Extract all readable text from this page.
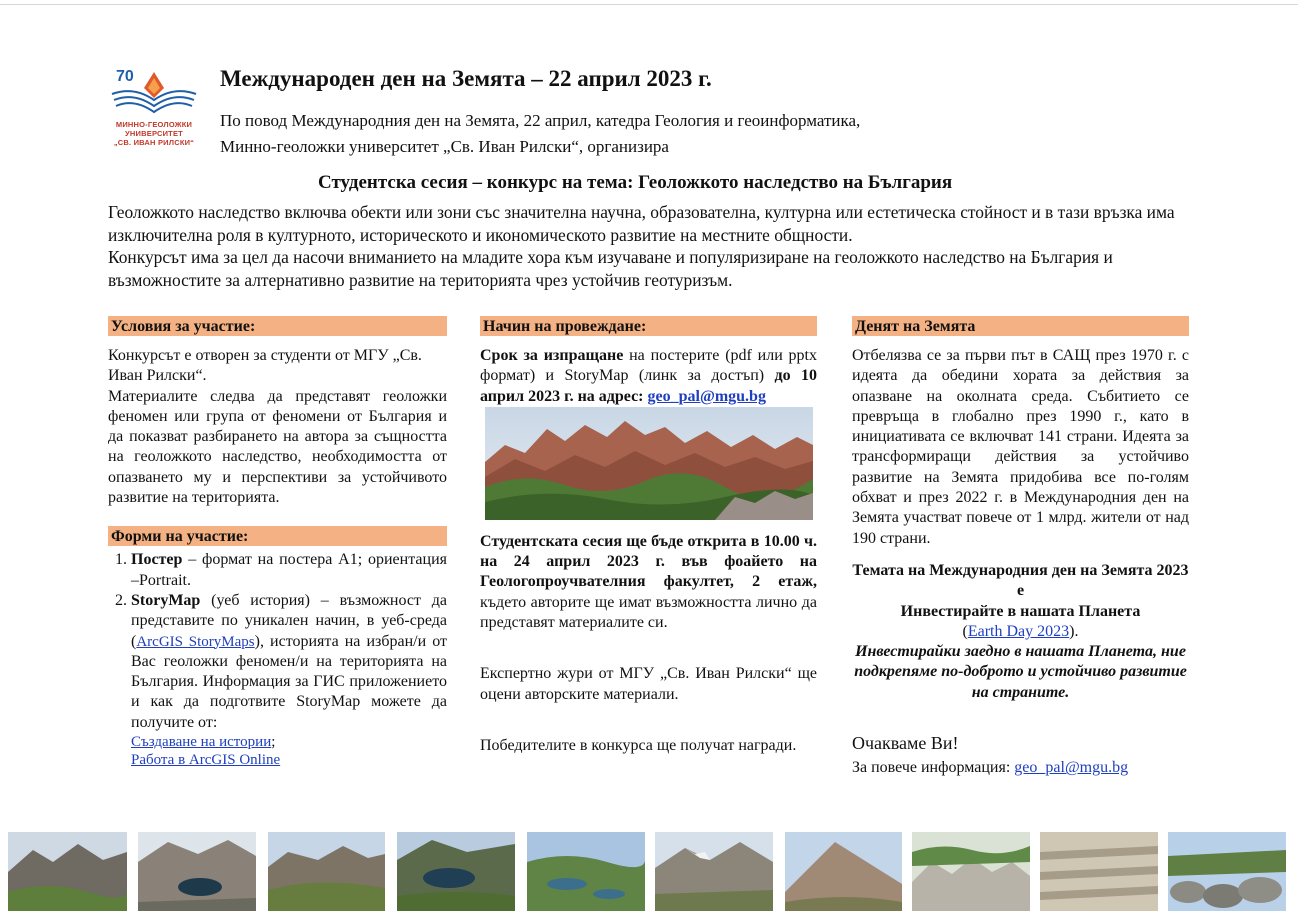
70
МИННО-ГЕОЛОЖКИ
УНИВЕРСИТЕТ
„СВ. ИВАН РИЛСКИ“
Международен ден на Земята – 22 април 2023 г.
По повод Международния ден на Земята, 22 април, катедра Геология и геоинформатика,
Минно-геоложки университет „Св. Иван Рилски“, организира
Студентска сесия – конкурс на тема: Геоложкото наследство на България

Геоложкото наследство включва обекти или зони със значителна научна, образователна, културна или естетическа стойност и в тази връзка има изключителна роля в културното, историческото и икономическото развитие на местните общности.

Конкурсът има за цел да насочи вниманието на младите хора към изучаване и популяризиране на геоложкото наследство на България и възможностите за алтернативно развитие на територията чрез устойчив геотуризъм.

Условия за участие:

Конкурсът е отворен за студенти от МГУ „Св. Иван Рилски“.

Материалите следва да представят геоложки феномен или група от феномени от България и да показват разбирането на автора за същността на геоложкото наследство, необходимостта от опазването му и перспективи за устойчивото развитие на територията.

Форми на участие:
1. Постер – формат на постера А1; ориентация –Portrait.
2. StoryMap (уеб история) – възможност да представите по уникален начин, в уеб-среда (ArcGIS StoryMaps), историята на избран/и от Вас геоложки феномен/и на територията на България. Информация за ГИС приложението и как да подготвите StoryMap можете да получите от:
Създаване на истории;
Работа в ArcGIS Online
Начин на провеждане:

Срок за изпращане на постерите (pdf или pptx формат) и StoryMap (линк за достъп) до 10 април 2023 г. на адрес: geo_pal@mgu.bg

Студентската сесия ще бъде открита в 10.00 ч. на 24 април 2023 г. във фоайето на Геологопроучвателния факултет, 2 етаж, където авторите ще имат възможността лично да представят материалите си.

Експертно жури от МГУ „Св. Иван Рилски“ ще оцени авторските материали.

Победителите в конкурса ще получат награди.

Денят на Земята

Отбелязва се за първи път в САЩ през 1970 г. с идеята да обедини хората за действия за опазване на околната среда. Събитието се превръща в глобално през 1990 г., като в инициативата се включват 141 страни. Идеята за трансформиращи действия за устойчиво развитие на Земята придобива все по-голям обхват и през 2022 г. в Международния ден на Земята участват повече от 1 млрд. жители от над 190 страни.

Темата на Международния ден на Земята 2023 е

Инвестирайте в нашата Планета

(Earth Day 2023).

Инвестирайки заедно в нашата Планета, ние подкрепяме по-доброто и устойчиво развитие на страните.

Очакваме Ви!

За повече информация: geo_pal@mgu.bg
